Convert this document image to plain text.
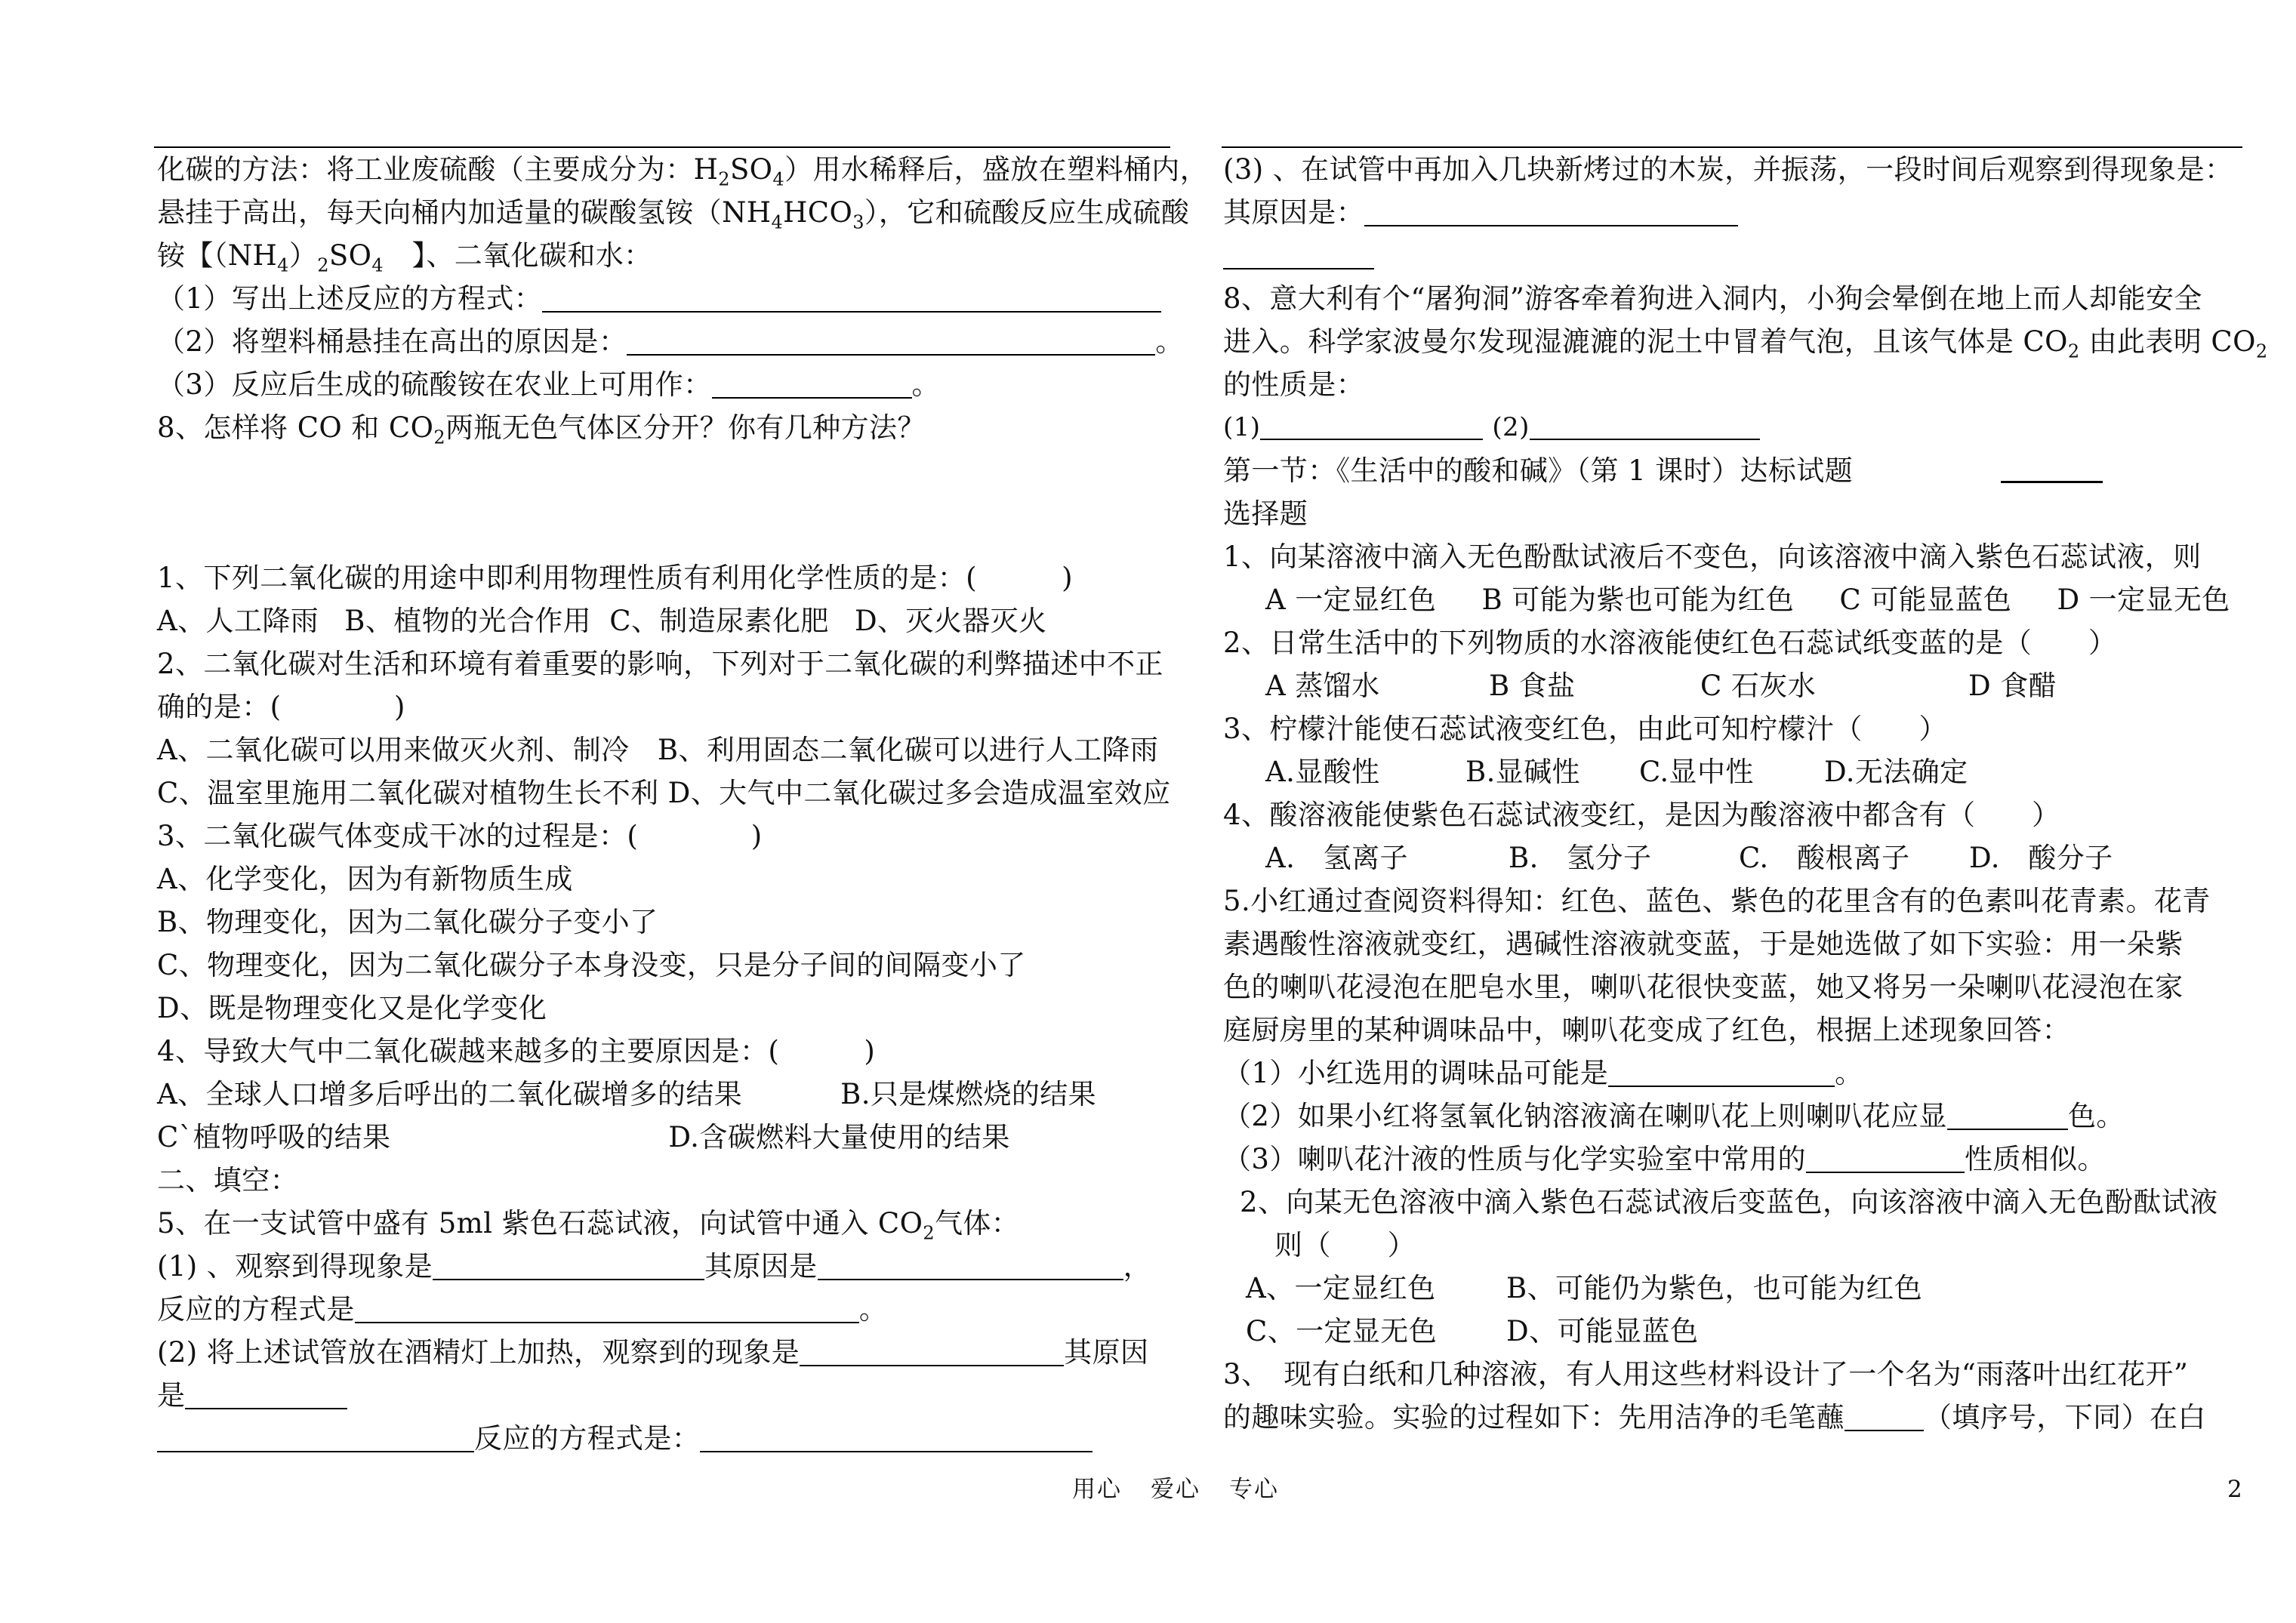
化碳的方法：将工业废硫酸（主要成分为：$H_2SO_4$）用水稀释后，盛放在塑料桶内，
悬挂于高出，每天向桶内加适量的碳酸氢铵$(NH_4HCO_3)$，它和硫酸反应生成硫酸
铵【$(NH_4)_2SO_4$　】、二氧化碳和水：
（1）写出上述反应的方程式：
（2）将塑料桶悬挂在高出的原因是：	。
（3）反应后生成的硫酸铵在农业上可用作：	。
8、怎样将 CO 和 $CO_2$两瓶无色气体区分开？你有几种方法？
1、下列二氧化碳的用途中即利用物理性质有利用化学性质的是：(　　　)
A、人工降雨 B、植物的光合作用 C、制造尿素化肥 D、灭火器灭火
2、二氧化碳对生活和环境有着重要的影响，下列对于二氧化碳的利弊描述中不正
确的是：(　　　　)
A、二氧化碳可以用来做灭火剂、制冷　B、利用固态二氧化碳可以进行人工降雨
C、温室里施用二氧化碳对植物生长不利 D、大气中二氧化碳过多会造成温室效应
3、二氧化碳气体变成干冰的过程是：(　　　　)
A、化学变化，因为有新物质生成
B、物理变化，因为二氧化碳分子变小了
C、物理变化，因为二氧化碳分子本身没变，只是分子间的间隔变小了
D、既是物理变化又是化学变化
4、导致大气中二氧化碳越来越多的主要原因是：(　　　)
A、全球人口增多后呼出的二氧化碳增多的结果	B.只是煤燃烧的结果
C`植物呼吸的结果	D.含碳燃料大量使用的结果
二、填空：
5、在一支试管中盛有 5ml 紫色石蕊试液，向试管中通入 $CO_2$气体：
(1) 、观察到得现象是	其原因是	，
反应的方程式是	。
(2) 将上述试管放在酒精灯上加热，观察到的现象是	其原因
是
反应的方程式是：
(3) 、在试管中再加入几块新烤过的木炭，并振荡，一段时间后观察到得现象是：
其原因是：
8、意大利有个“屠狗洞”游客牵着狗进入洞内，小狗会晕倒在地上而人却能安全
进入。科学家波曼尔发现湿漉漉的泥土中冒着气泡，且该气体是 $CO_2$ 由此表明 $CO_2$
的性质是：
(1)	(2)
第一节：《生活中的酸和碱》（第 1 课时）达标试题
选择题
1、向某溶液中滴入无色酚酞试液后不变色，向该溶液中滴入紫色石蕊试液，则
A 一定显红色 B 可能为紫也可能为红色 C 可能显蓝色 D 一定显无色
2、日常生活中的下列物质的水溶液能使红色石蕊试纸变蓝的是（　　）
A 蒸馏水	B 食盐	C 石灰水	D 食醋
3、柠檬汁能使石蕊试液变红色，由此可知柠檬汁（　　）
A.显酸性	B.显碱性 C.显中性	D.无法确定
4、酸溶液能使紫色石蕊试液变红，是因为酸溶液中都含有（　　）
A.　氢离子	B.　氢分子	C.　酸根离子 D.　酸分子
5.小红通过查阅资料得知：红色、蓝色、紫色的花里含有的色素叫花青素。花青
素遇酸性溶液就变红，遇碱性溶液就变蓝，于是她选做了如下实验：用一朵紫
色的喇叭花浸泡在肥皂水里，喇叭花很快变蓝，她又将另一朵喇叭花浸泡在家
庭厨房里的某种调味品中，喇叭花变成了红色，根据上述现象回答：
（1）小红选用的调味品可能是	。
（2）如果小红将氢氧化钠溶液滴在喇叭花上则喇叭花应显	色。
（3）喇叭花汁液的性质与化学实验室中常用的	性质相似。
2、向某无色溶液中滴入紫色石蕊试液后变蓝色，向该溶液中滴入无色酚酞试液
则（　　）
A、一定显红色	B、可能仍为紫色，也可能为红色
C、一定显无色 D、可能显蓝色
3、　现有白纸和几种溶液，有人用这些材料设计了一个名为“雨落叶出红花开”
的趣味实验。实验的过程如下：先用洁净的毛笔蘸	（填序号，下同）在白
用心 爱心 专心	2
